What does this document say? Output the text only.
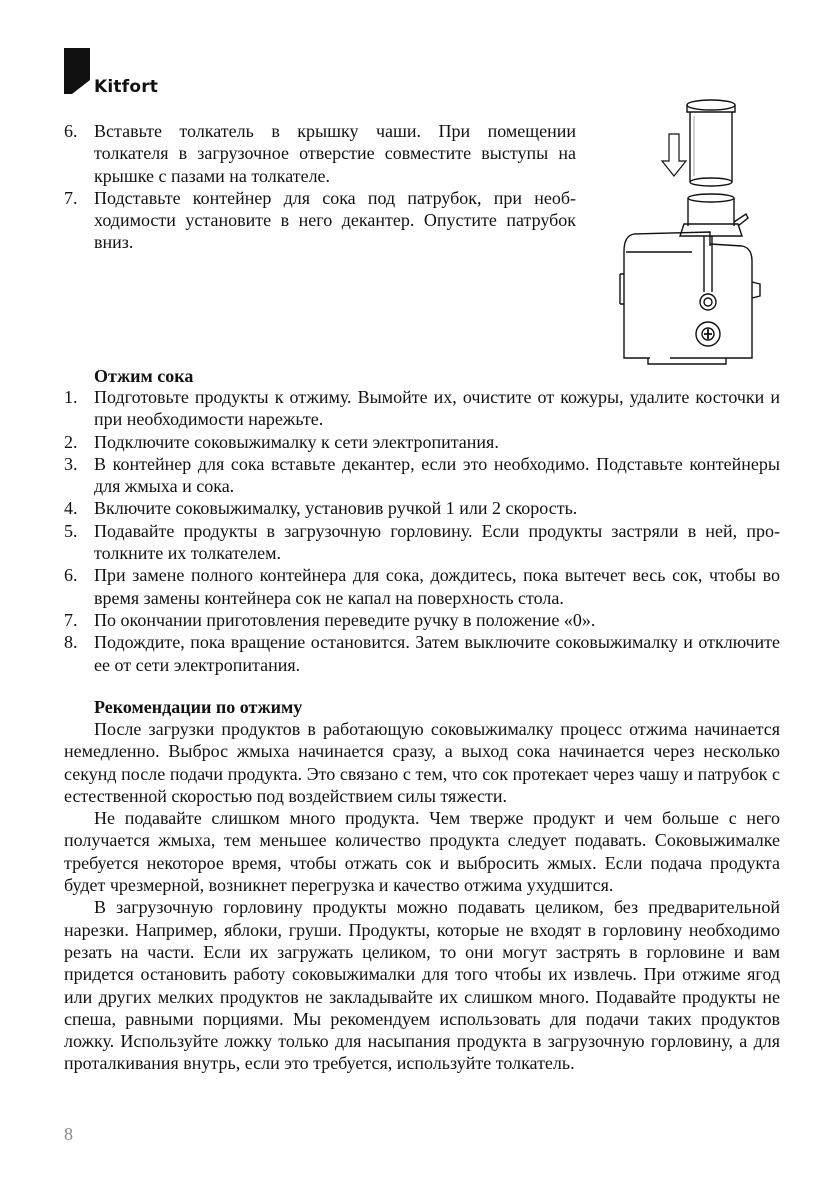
Kitfort
6. Вставьте толкатель в крышку чаши. При помещении толкателя в загрузочное отверстие совместите выступы на крышке с пазами на толкателе.
7. Подставьте контейнер для сока под патрубок, при необходимости установите в него декантер. Опустите патрубок вниз.
Отжим сока
1. Подготовьте продукты к отжиму. Вымойте их, очистите от кожуры, удалите косточки и при необходимости нарежьте.
2. Подключите соковыжималку к сети электропитания.
3. В контейнер для сока вставьте декантер, если это необходимо. Подставьте контейнеры для жмыха и сока.
4. Включите соковыжималку, установив ручкой 1 или 2 скорость.
5. Подавайте продукты в загрузочную горловину. Если продукты застряли в ней, протолкните их толкателем.
6. При замене полного контейнера для сока, дождитесь, пока вытечет весь сок, чтобы во время замены контейнера сок не капал на поверхность стола.
7. По окончании приготовления переведите ручку в положение «0».
8. Подождите, пока вращение остановится. Затем выключите соковыжималку и отключите ее от сети электропитания.
Рекомендации по отжиму

После загрузки продуктов в работающую соковыжималку процесс отжима начинается немедленно. Выброс жмыха начинается сразу, а выход сока начинается через несколько секунд после подачи продукта. Это связано с тем, что сок протекает через чашу и патрубок с естественной скоростью под воздействием силы тяжести.

Не подавайте слишком много продукта. Чем тверже продукт и чем больше с него получается жмыха, тем меньшее количество продукта следует подавать. Соковыжималке требуется некоторое время, чтобы отжать сок и выбросить жмых. Если подача продукта будет чрезмерной, возникнет перегрузка и качество отжима ухудшится.

В загрузочную горловину продукты можно подавать целиком, без предварительной нарезки. Например, яблоки, груши. Продукты, которые не входят в горловину необходимо резать на части. Если их загружать целиком, то они могут застрять в горловине и вам придется остановить работу соковыжималки для того чтобы их извлечь. При отжиме ягод или других мелких продуктов не закладывайте их слишком много. Подавайте продукты не спеша, равными порциями. Мы рекомендуем использовать для подачи таких продуктов ложку. Используйте ложку только для насыпания продукта в загрузочную горловину, а для проталкивания внутрь, если это требуется, используйте толкатель.

8
